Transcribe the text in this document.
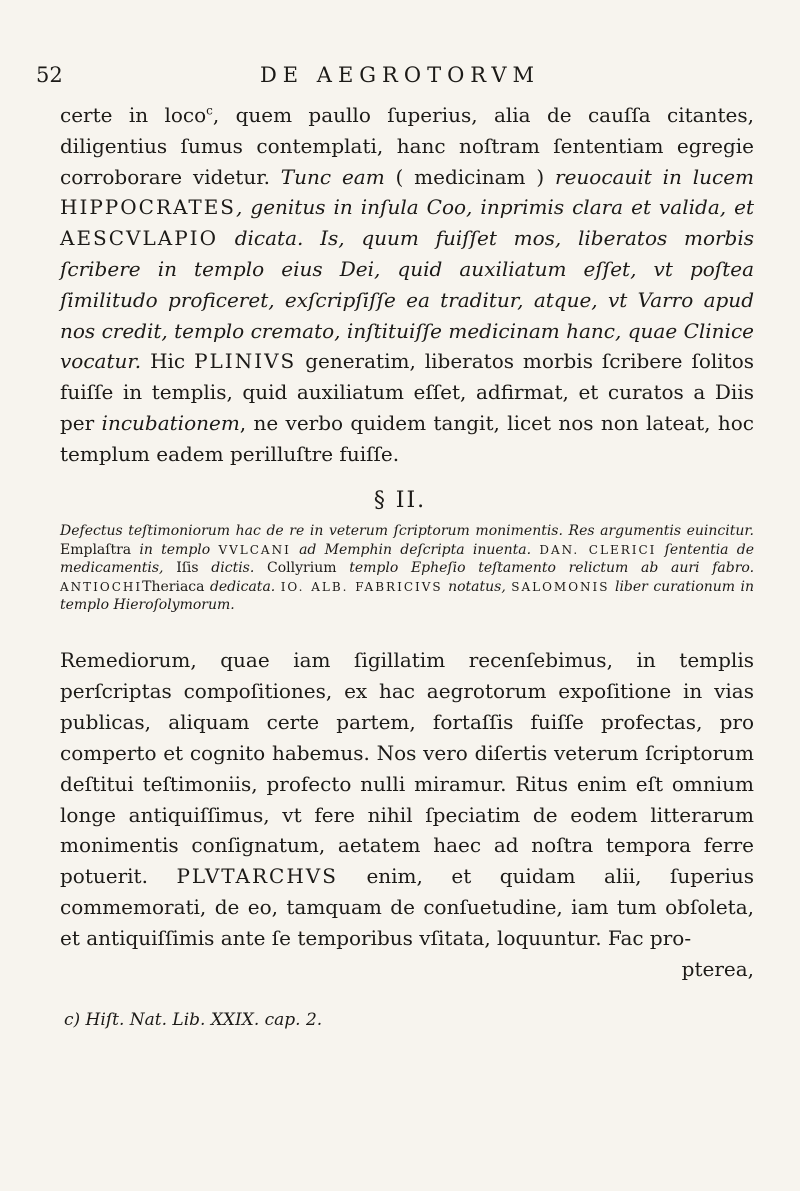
52	DE AEGROTORVM

certe in loco$^c$, quem paullo ſuperius, alia de cauſſa citantes, diligentius ſumus contemplati, hanc noſtram ſententiam egregie corroborare videtur. Tunc eam ( medicinam ) reuocauit in lucem HIPPOCRATES, genitus in inſula Coo, inprimis clara et valida, et AESCVLAPIO dicata. Is, quum fuiſſet mos, liberatos morbis ſcribere in templo eius Dei, quid auxiliatum eſſet, vt poſtea ſimilitudo proficeret, exſcripſiſſe ea traditur, atque, vt Varro apud nos credit, templo cremato, inſtituiſſe medicinam hanc, quae Clinice vocatur. Hic PLINIVS generatim, liberatos morbis ſcribere ſolitos fuiſſe in templis, quid auxiliatum eſſet, adfirmat, et curatos a Diis per incubationem, ne verbo quidem tangit, licet nos non lateat, hoc templum eadem perilluſtre fuiſſe.

§ II.

Defectus teſtimoniorum hac de re in veterum ſcriptorum monimentis. Res argumentis euincitur. Emplaſtra in templo VVLCANI ad Memphin deſcripta inuenta. DAN. CLERICI ſententia de medicamentis, Iſis dictis. Collyrium templo Epheſio teſtamento relictum ab auri fabro. ANTIOCHITheriaca dedicata. IO. ALB. FABRICIVS notatus, SALOMONIS liber curationum in templo Hieroſolymorum.

Remediorum, quae iam ſigillatim recenſebimus, in templis perſcriptas compoſitiones, ex hac aegrotorum expoſitione in vias publicas, aliquam certe partem, fortaſſis fuiſſe profectas, pro comperto et cognito habemus. Nos vero diſertis veterum ſcriptorum deſtitui teſtimoniis, profecto nulli miramur. Ritus enim eſt omnium longe antiquiſſimus, vt fere nihil ſpeciatim de eodem litterarum monimentis conſignatum, aetatem haec ad noſtra tempora ferre potuerit. PLVTARCHVS enim, et quidam alii, ſuperius commemorati, de eo, tamquam de conſuetudine, iam tum obſoleta, et antiquiſſimis ante ſe temporibus vſitata, loquuntur. Fac pro-

pterea,
c) Hiſt. Nat. Lib. XXIX. cap. 2.
